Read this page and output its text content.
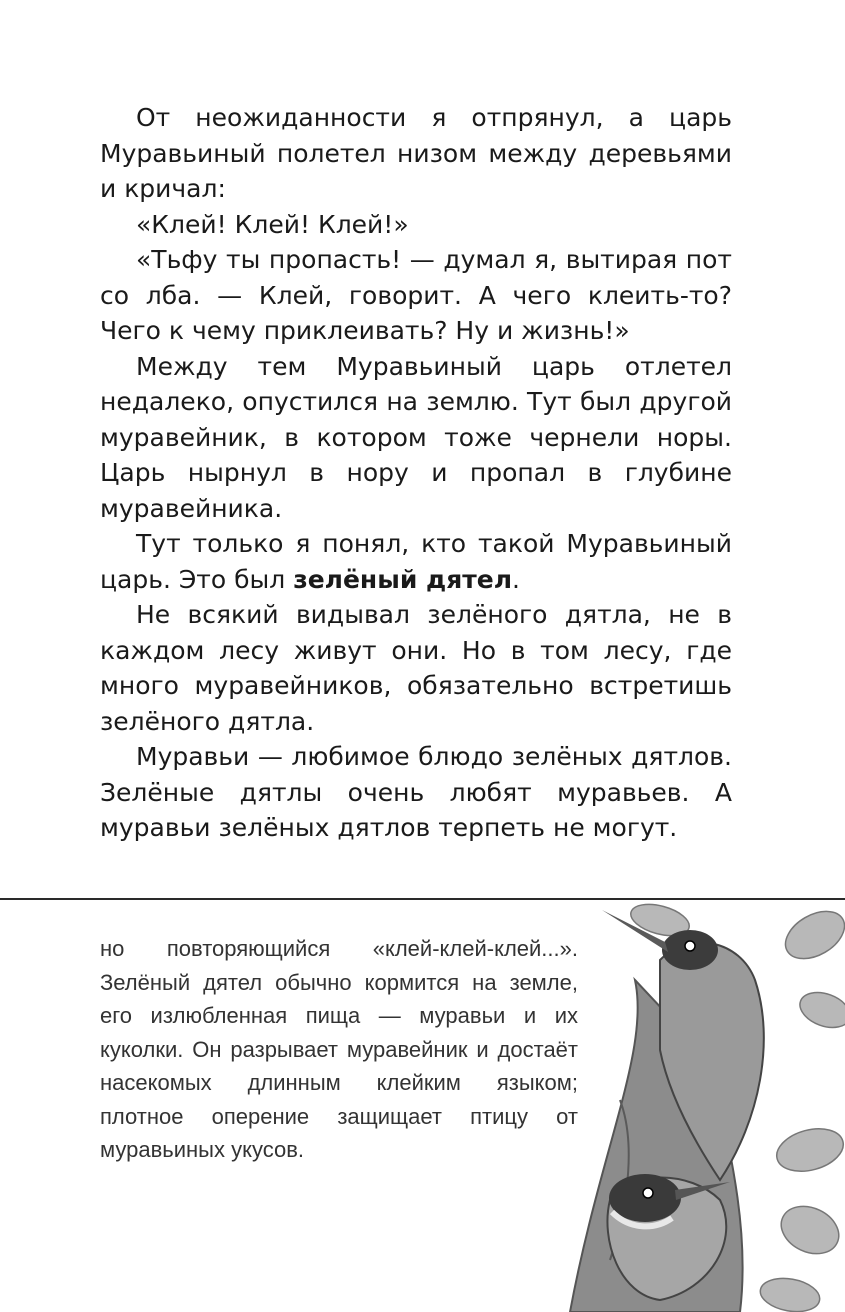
От неожиданности я отпрянул, а царь Муравьиный полетел низом между деревьями и кричал:

«Клей! Клей! Клей!»

«Тьфу ты пропасть! — думал я, вытирая пот со лба. — Клей, говорит. А чего клеить-то? Чего к чему приклеивать? Ну и жизнь!»

Между тем Муравьиный царь отлетел недалеко, опустился на землю. Тут был другой муравейник, в котором тоже чернели норы. Царь нырнул в нору и пропал в глубине муравейника.

Тут только я понял, кто такой Муравьиный царь. Это был зелёный дятел.

Не всякий видывал зелёного дятла, не в каждом лесу живут они. Но в том лесу, где много муравейников, обязательно встретишь зелёного дятла.

Муравьи — любимое блюдо зелёных дятлов. Зелёные дятлы очень любят муравьев. А муравьи зелёных дятлов терпеть не могут.

но повторяющийся «клей-клей-клей...». Зелёный дятел обычно кормится на земле, его излюбленная пища — муравьи и их куколки. Он разрывает муравейник и достаёт насекомых длинным клейким языком; плотное оперение защищает птицу от муравьиных укусов.
